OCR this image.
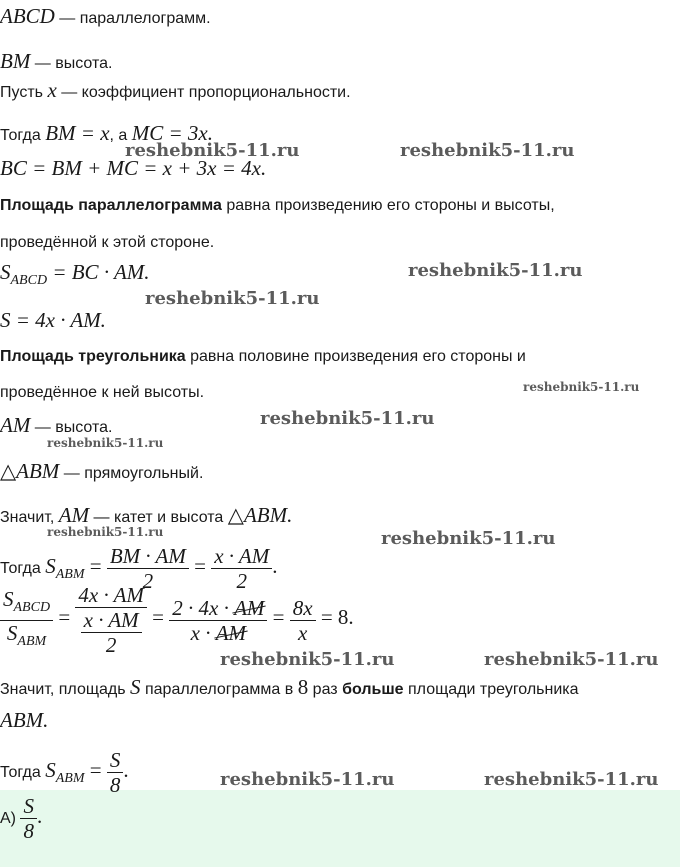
ABCD — параллелограмм.
BM — высота.
Пусть x — коэффициент пропорциональности.
Тогда BM = x, а MC = 3x.
BC = BM + MC = x + 3x = 4x.
Площадь параллелограмма равна произведению его стороны и высоты,
проведённой к этой стороне.
SABCD = BC · AM.
S = 4x · AM.
Площадь треугольника равна половине произведения его стороны и
проведённое к ней высоты.
AM — высота.
△ABM — прямоугольный.
Значит, AM — катет и высота △ABM.
Тогда SABM = $\frac{BM \cdot AM}{2} = \frac{x \cdot AM}{2}$ .
$\frac{S_{ABCD}}{S_{ABM}} = \frac{4x \cdot AM}{\frac{x \cdot AM}{2}} = \frac{2 \cdot 4x \cdot AM}{x \cdot AM} = \frac{8x}{x} = 8$.
Значит, площадь S параллелограмма в 8 раз больше площади треугольника
ABM.
Тогда SABM = $\frac{S}{8}$ .
$А) \frac{S}{8}$ .
reshebnik5-11.ru	reshebnik5-11.ru
reshebnik5-11.ru
reshebnik5-11.ru
reshebnik5-11.ru
reshebnik5-11.ru
reshebnik5-11.ru
reshebnik5-11.ru	reshebnik5-11.ru
reshebnik5-11.ru	reshebnik5-11.ru
reshebnik5-11.ru	reshebnik5-11.ru
